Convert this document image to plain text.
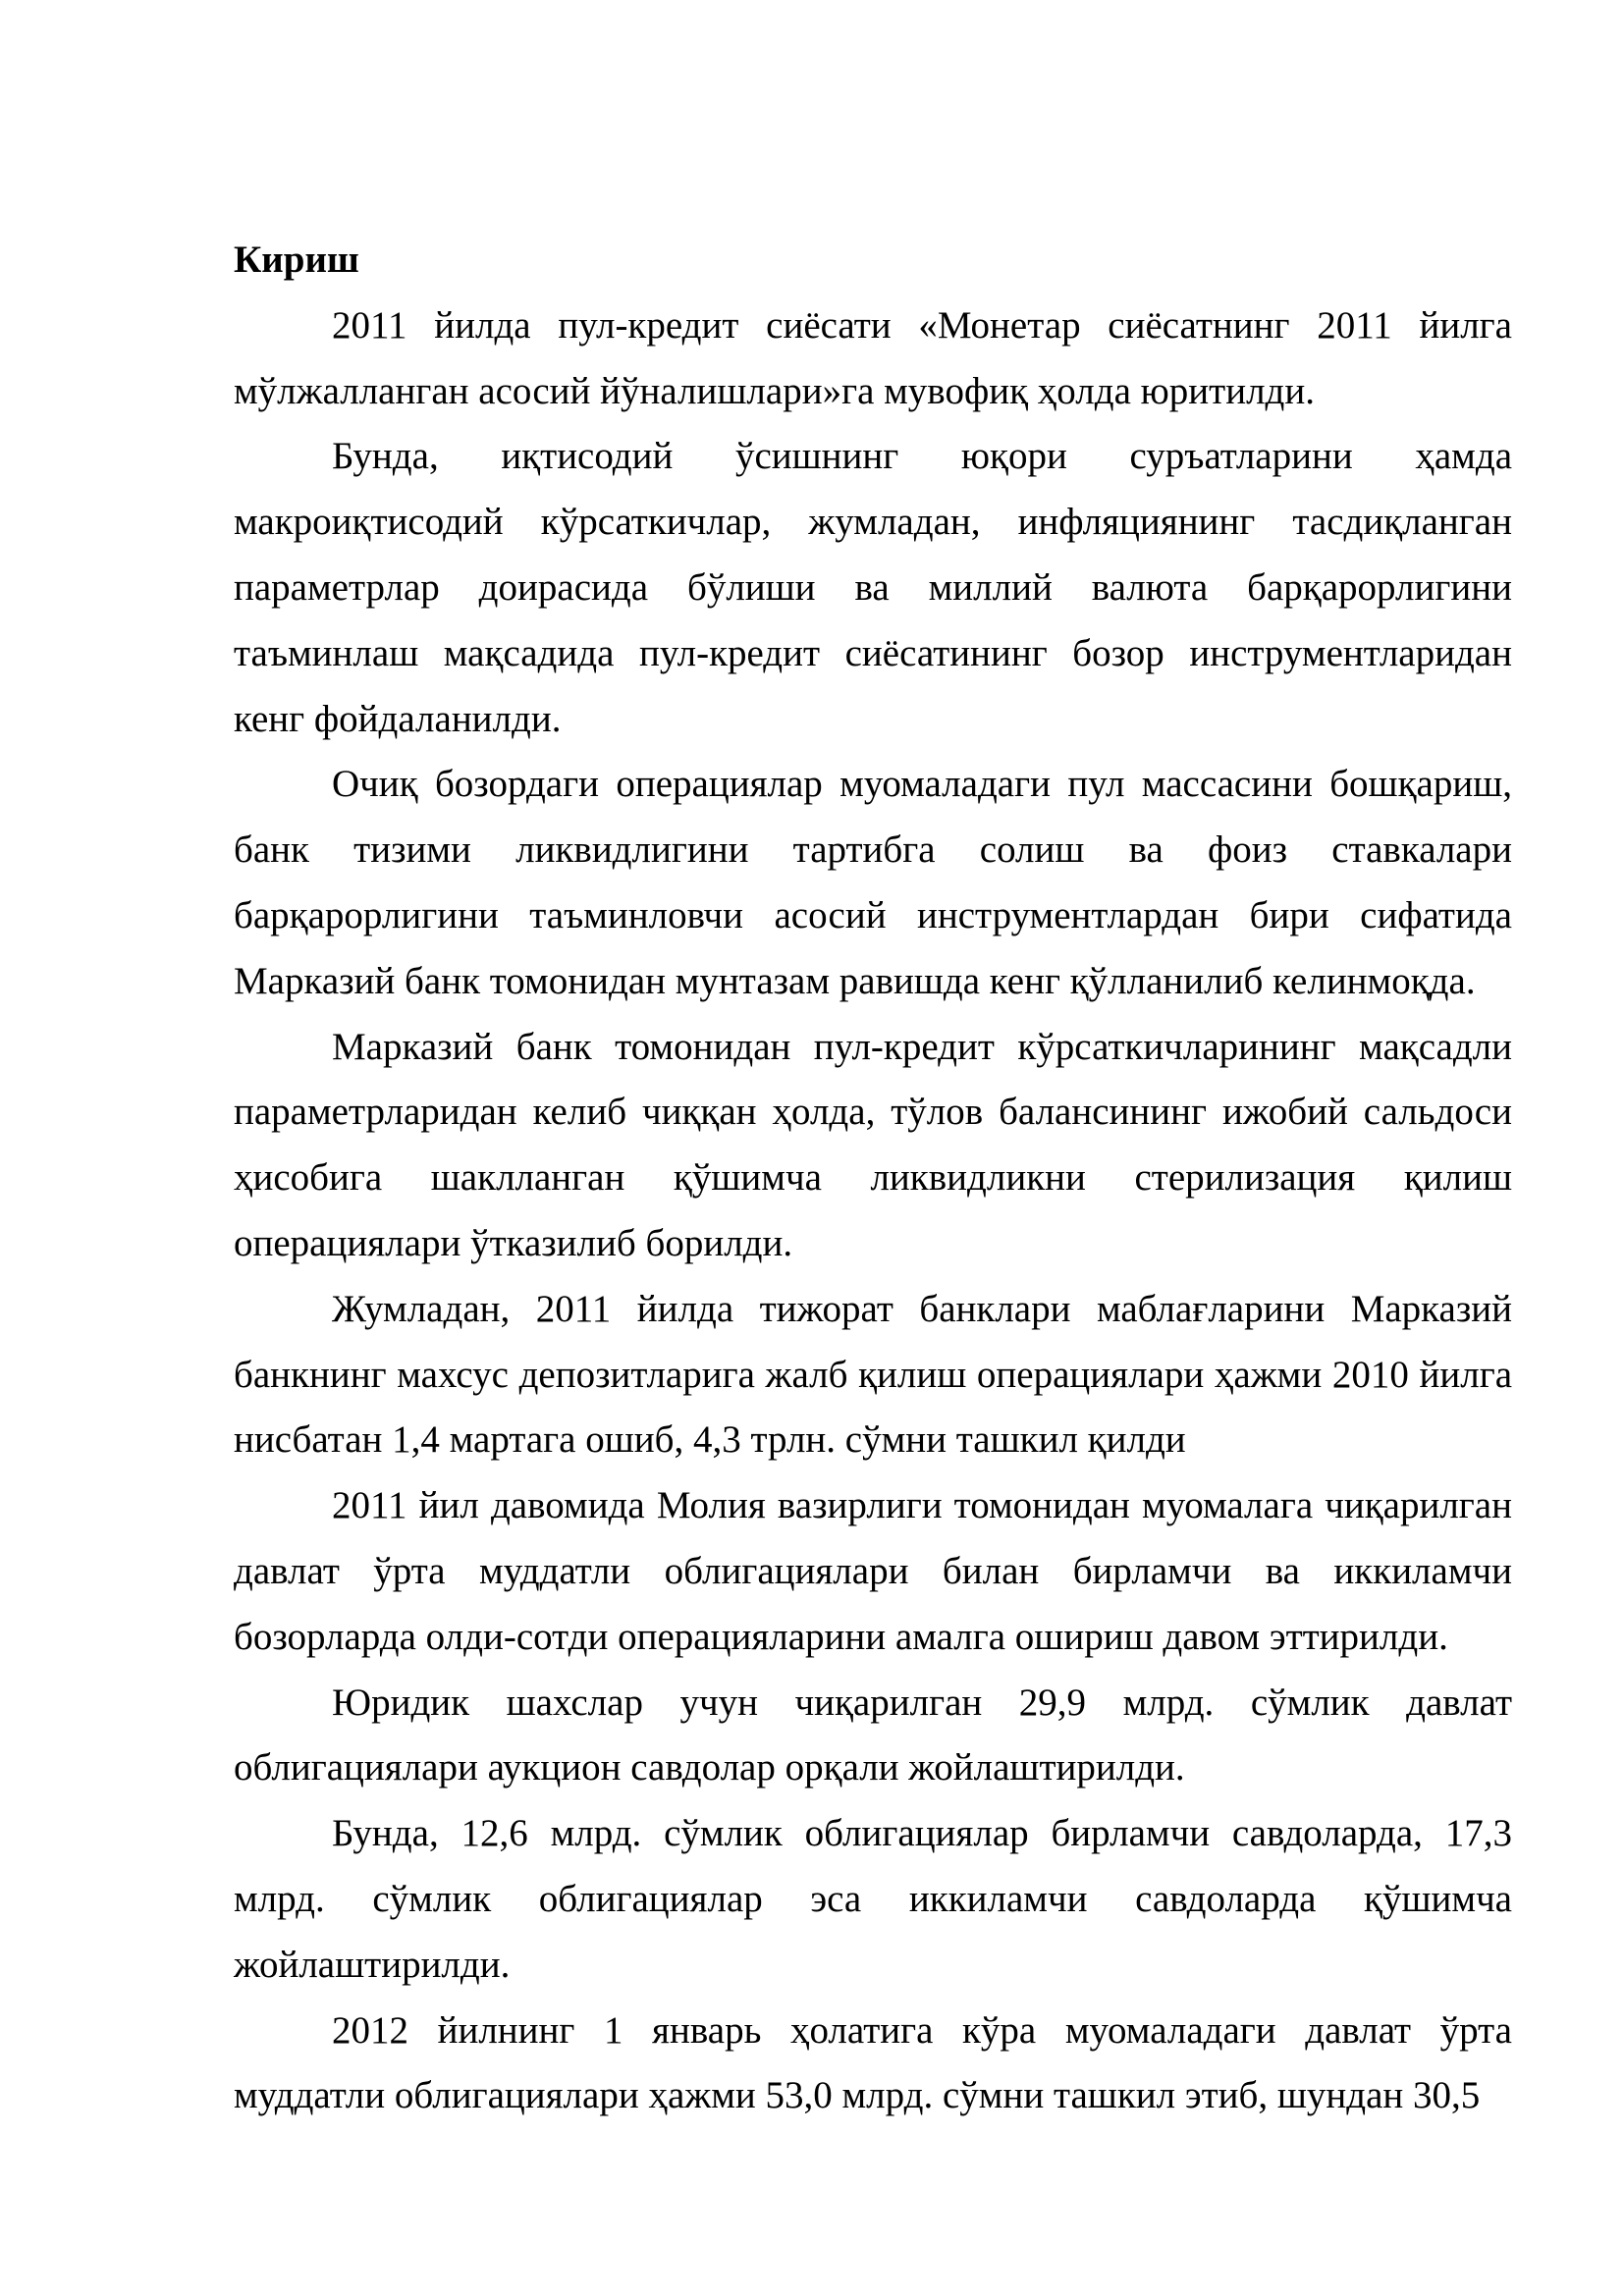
Кириш

2011 йилда пул-кредит сиёсати «Монетар сиёсатнинг 2011 йилга мўлжалланган асосий йўналишлари»га мувофиқ ҳолда юритилди.

Бунда, иқтисодий ўсишнинг юқори суръатларини ҳамда макроиқтисодий кўрсаткичлар, жумладан, инфляциянинг тасдиқланган параметрлар доирасида бўлиши ва миллий валюта барқарорлигини таъминлаш мақсадида пул-кредит сиёсатининг бозор инструментларидан кенг фойдаланилди.

Очиқ бозордаги операциялар муомаладаги пул массасини бошқариш, банк тизими ликвидлигини тартибга солиш ва фоиз ставкалари барқарорлигини таъминловчи асосий инструментлардан бири сифатида Марказий банк томонидан мунтазам равишда кенг қўлланилиб келинмоқда.

Марказий банк томонидан пул-кредит кўрсаткичларининг мақсадли параметрларидан келиб чиққан ҳолда, тўлов балансининг ижобий сальдоси ҳисобига шаклланган қўшимча ликвидликни стерилизация қилиш операциялари ўтказилиб борилди.

Жумладан, 2011 йилда тижорат банклари маблағларини Марказий банкнинг махсус депозитларига жалб қилиш операциялари ҳажми 2010 йилга нисбатан 1,4 мартага ошиб, 4,3 трлн. сўмни ташкил қилди

2011 йил давомида Молия вазирлиги томонидан муомалага чиқарилган давлат ўрта муддатли облигациялари билан бирламчи ва иккиламчи бозорларда олди-сотди операцияларини амалга ошириш давом эттирилди.

Юридик шахслар учун чиқарилган 29,9 млрд. сўмлик давлат облигациялари аукцион савдолар орқали жойлаштирилди.

Бунда, 12,6 млрд. сўмлик облигациялар бирламчи савдоларда, 17,3 млрд. сўмлик облигациялар эса иккиламчи савдоларда қўшимча жойлаштирилди.

2012 йилнинг 1 январь ҳолатига кўра муомаладаги давлат ўрта муддатли облигациялари ҳажми 53,0 млрд. сўмни ташкил этиб, шундан 30,5
